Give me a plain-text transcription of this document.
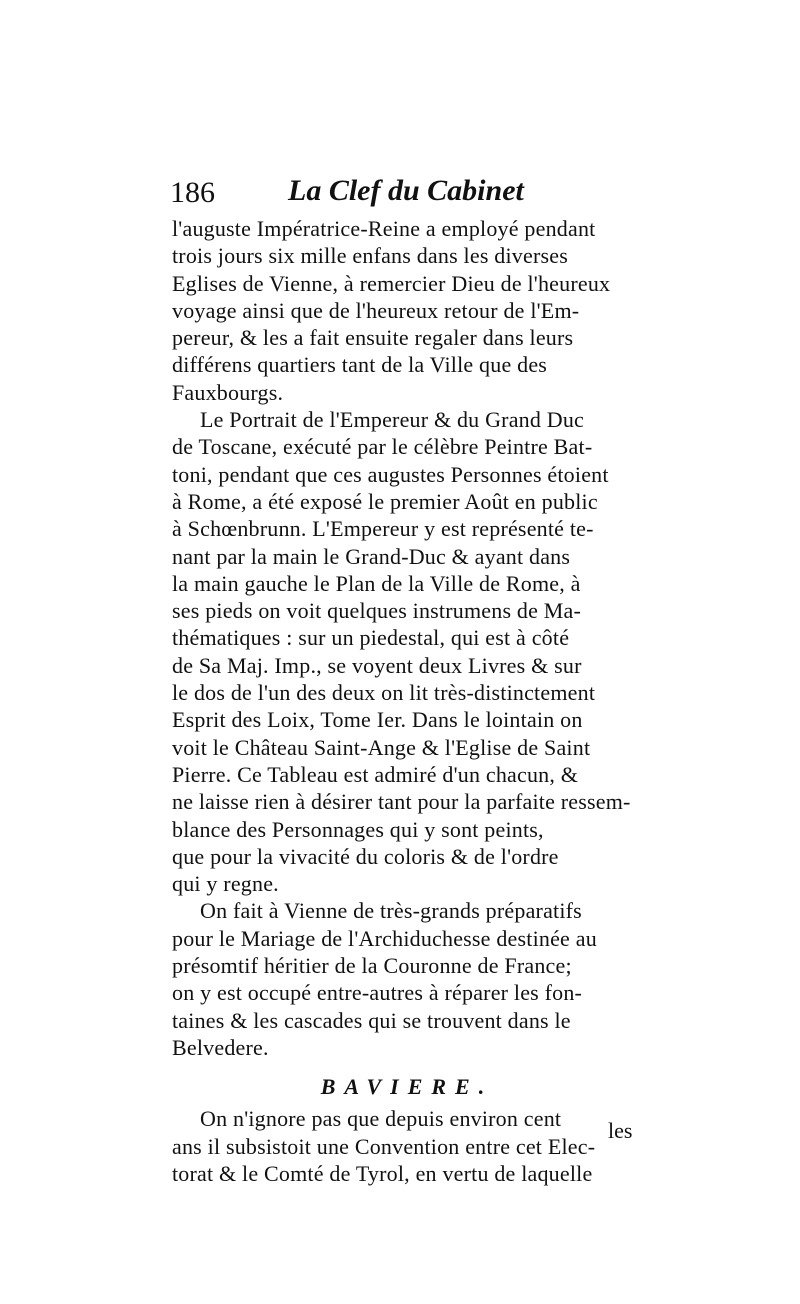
186 La Clef du Cabinet
l'auguste Impératrice-Reine a employé pendant
trois jours six mille enfans dans les diverses
Eglises de Vienne, à remercier Dieu de l'heureux
voyage ainsi que de l'heureux retour de l'Em-
pereur, & les a fait ensuite regaler dans leurs
différens quartiers tant de la Ville que des
Fauxbourgs.
Le Portrait de l'Empereur & du Grand Duc
de Toscane, exécuté par le célèbre Peintre Bat-
toni, pendant que ces augustes Personnes étoient
à Rome, a été exposé le premier Août en public
à Schœnbrunn. L'Empereur y est représenté te-
nant par la main le Grand-Duc & ayant dans
la main gauche le Plan de la Ville de Rome, à
ses pieds on voit quelques instrumens de Ma-
thématiques : sur un piedestal, qui est à côté
de Sa Maj. Imp., se voyent deux Livres & sur
le dos de l'un des deux on lit très-distinctement
Esprit des Loix, Tome Ier. Dans le lointain on
voit le Château Saint-Ange & l'Eglise de Saint
Pierre. Ce Tableau est admiré d'un chacun, &
ne laisse rien à désirer tant pour la parfaite ressem-
blance des Personnages qui y sont peints,
que pour la vivacité du coloris & de l'ordre
qui y regne.
On fait à Vienne de très-grands préparatifs
pour le Mariage de l'Archiduchesse destinée au
présomtif héritier de la Couronne de France;
on y est occupé entre-autres à réparer les fon-
taines & les cascades qui se trouvent dans le
Belvedere.
BAVIERE.
On n'ignore pas que depuis environ cent
ans il subsistoit une Convention entre cet Elec-
torat & le Comté de Tyrol, en vertu de laquelle
les
